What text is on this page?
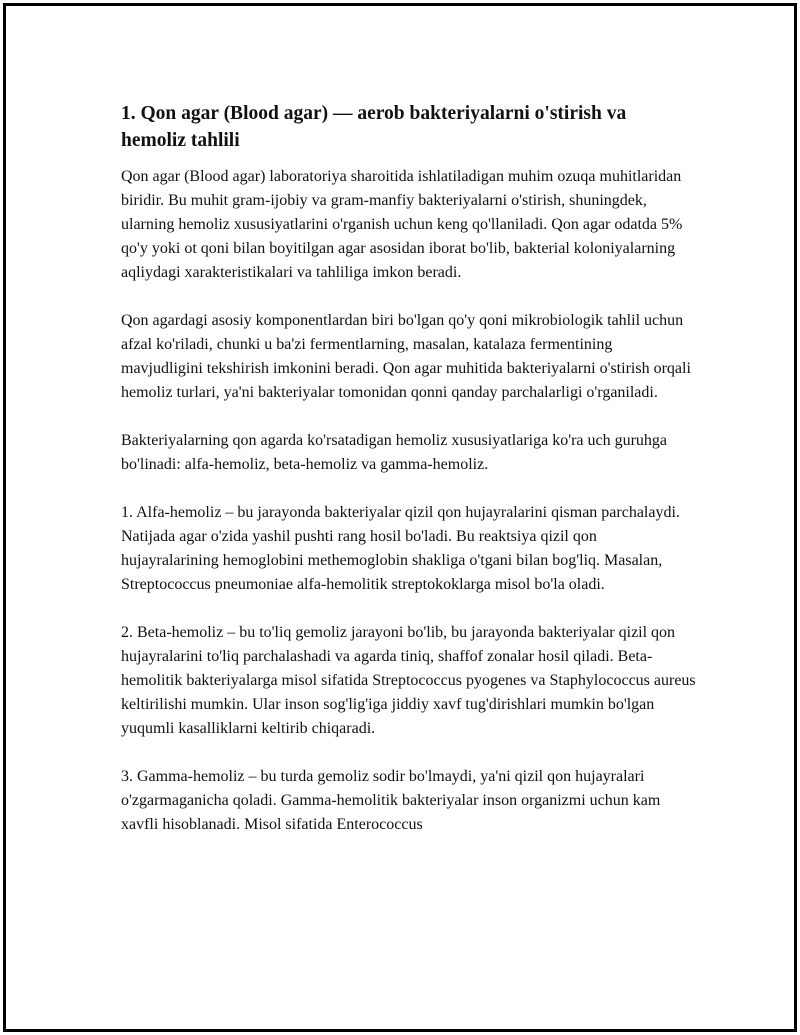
1. Qon agar (Blood agar) — aerob bakteriyalarni o'stirish va hemoliz tahlili

Qon agar (Blood agar) laboratoriya sharoitida ishlatiladigan muhim ozuqa muhitlaridan biridir. Bu muhit gram-ijobiy va gram-manfiy bakteriyalarni o'stirish, shuningdek, ularning hemoliz xususiyatlarini o'rganish uchun keng qo'llaniladi. Qon agar odatda 5% qo'y yoki ot qoni bilan boyitilgan agar asosidan iborat bo'lib, bakterial koloniyalarning aqliydagi xarakteristikalari va tahliliga imkon beradi.

Qon agardagi asosiy komponentlardan biri bo'lgan qo'y qoni mikrobiologik tahlil uchun afzal ko'riladi, chunki u ba'zi fermentlarning, masalan, katalaza fermentining mavjudligini tekshirish imkonini beradi. Qon agar muhitida bakteriyalarni o'stirish orqali hemoliz turlari, ya'ni bakteriyalar tomonidan qonni qanday parchalarligi o'rganiladi.

Bakteriyalarning qon agarda ko'rsatadigan hemoliz xususiyatlariga ko'ra uch guruhga bo'linadi: alfa-hemoliz, beta-hemoliz va gamma-hemoliz.

1. Alfa-hemoliz – bu jarayonda bakteriyalar qizil qon hujayralarini qisman parchalaydi. Natijada agar o'zida yashil pushti rang hosil bo'ladi. Bu reaktsiya qizil qon hujayralarining hemoglobini methemoglobin shakliga o'tgani bilan bog'liq. Masalan, Streptococcus pneumoniae alfa-hemolitik streptokoklarga misol bo'la oladi.

2. Beta-hemoliz – bu to'liq gemoliz jarayoni bo'lib, bu jarayonda bakteriyalar qizil qon hujayralarini to'liq parchalashadi va agarda tiniq, shaffof zonalar hosil qiladi. Beta-hemolitik bakteriyalarga misol sifatida Streptococcus pyogenes va Staphylococcus aureus keltirilishi mumkin. Ular inson sog'lig'iga jiddiy xavf tug'dirishlari mumkin bo'lgan yuqumli kasalliklarni keltirib chiqaradi.

3. Gamma-hemoliz – bu turda gemoliz sodir bo'lmaydi, ya'ni qizil qon hujayralari o'zgarmaganicha qoladi. Gamma-hemolitik bakteriyalar inson organizmi uchun kam xavfli hisoblanadi. Misol sifatida Enterococcus
